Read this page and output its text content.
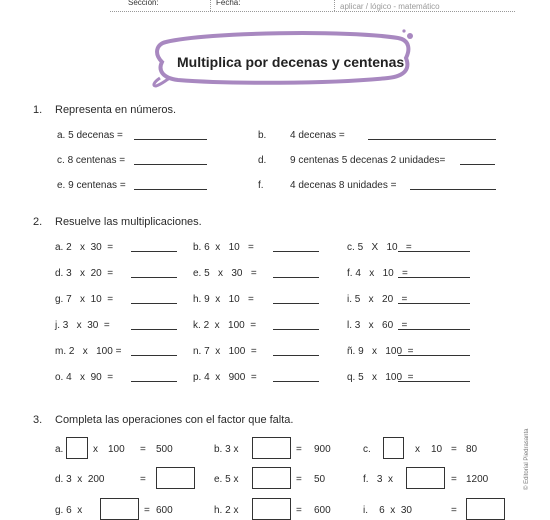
Sección:	Fecha:	aplicar / lógico - matemático
Multiplica por decenas y centenas
1. Representa en números.
a. 5 decenas =	b. 4 decenas =
c. 8 centenas =	d. 9 centenas 5 decenas 2 unidades=
e. 9 centenas =	f.	4 decenas 8 unidades =
2. Resuelve las multiplicaciones.
a. 2   x  30  =	b. 6  x   10   =	c. 5   X   10   =
d. 3   x  20  =	e. 5   x   30   =	f. 4   x   10   =
g. 7   x  10  =	h. 9  x   10   =	i. 5   x   20   =
j. 3   x  30  =	k. 2  x   100  =	l. 3   x   60   =
m. 2   x   100 =	n. 7  x   100  =	ñ. 9   x   100  =
o. 4   x  90  =	p. 4  x   900  =	q. 5   x   100  =
3. Completa las operaciones con el factor que falta.
a.	x 100 = 500	b. 3 x	= 900	c.	x 10 = 80
d. 3 x 200	=	e. 5 x	= 50	f. 3 x	= 1200
g. 6 x	= 600	h. 2 x	= 600	i. 6 x 30	=
© Editorial Piedrasanta
